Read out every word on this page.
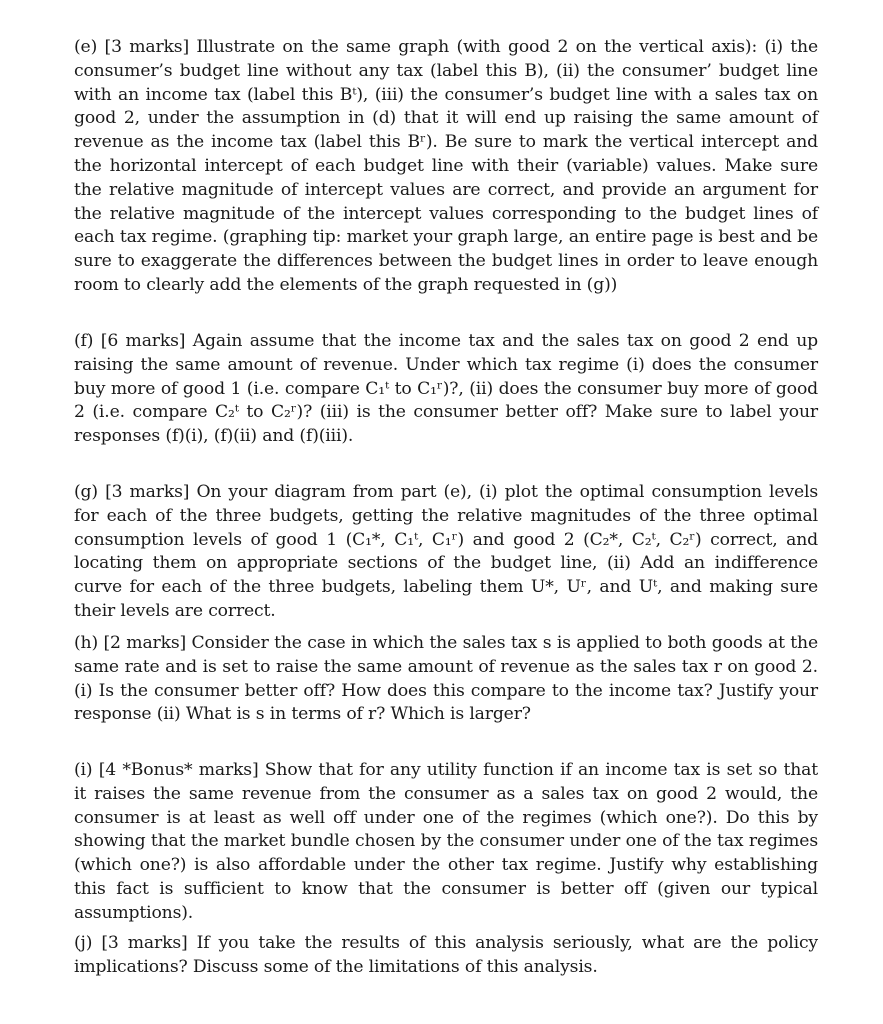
(e) [3 marks] Illustrate on the same graph (with good 2 on the vertical axis): (i) the consumer’s budget line without any tax (label this B), (ii) the consumer’ budget line with an income tax (label this Bᵗ), (iii) the consumer’s budget line with a sales tax on good 2, under the assumption in (d) that it will end up raising the same amount of revenue as the income tax (label this Bʳ). Be sure to mark the vertical intercept and the horizontal intercept of each budget line with their (variable) values. Make sure the relative magnitude of intercept values are correct, and provide an argument for the relative magnitude of the intercept values corresponding to the budget lines of each tax regime. (graphing tip: market your graph large, an entire page is best and be sure to exaggerate the differences between the budget lines in order to leave enough room to clearly add the elements of the graph requested in (g))

(f) [6 marks] Again assume that the income tax and the sales tax on good 2 end up raising the same amount of revenue. Under which tax regime (i) does the consumer buy more of good 1 (i.e. compare C₁ᵗ to C₁ʳ)?, (ii) does the consumer buy more of good 2 (i.e. compare C₂ᵗ to C₂ʳ)? (iii) is the consumer better off? Make sure to label your responses (f)(i), (f)(ii) and (f)(iii).

(g) [3 marks] On your diagram from part (e), (i) plot the optimal consumption levels for each of the three budgets, getting the relative magnitudes of the three optimal consumption levels of good 1 (C₁*, C₁ᵗ, C₁ʳ) and good 2 (C₂*, C₂ᵗ, C₂ʳ) correct, and locating them on appropriate sections of the budget line, (ii) Add an indifference curve for each of the three budgets, labeling them U*, Uʳ, and Uᵗ, and making sure their levels are correct.

(h) [2 marks] Consider the case in which the sales tax s is applied to both goods at the same rate and is set to raise the same amount of revenue as the sales tax r on good 2. (i) Is the consumer better off? How does this compare to the income tax? Justify your response (ii) What is s in terms of r? Which is larger?

(i) [4 *Bonus* marks] Show that for any utility function if an income tax is set so that it raises the same revenue from the consumer as a sales tax on good 2 would, the consumer is at least as well off under one of the regimes (which one?). Do this by showing that the market bundle chosen by the consumer under one of the tax regimes (which one?) is also affordable under the other tax regime. Justify why establishing this fact is sufficient to know that the consumer is better off (given our typical assumptions).

(j) [3 marks] If you take the results of this analysis seriously, what are the policy implications? Discuss some of the limitations of this analysis.
